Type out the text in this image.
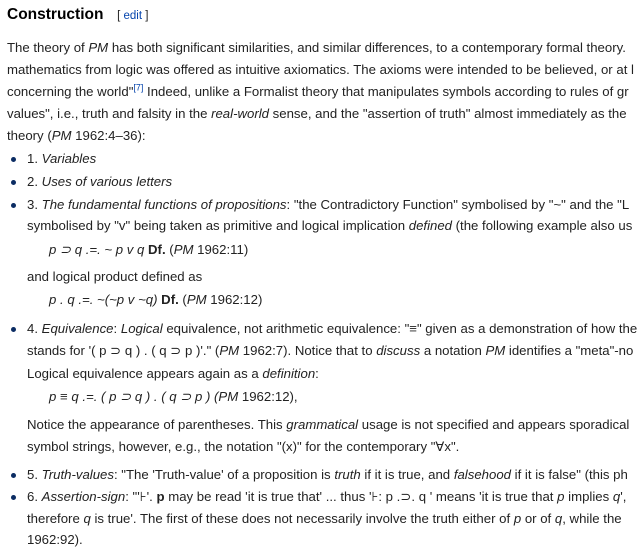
Construction [ edit ]
The theory of PM has both significant similarities, and similar differences, to a contemporary formal theory.
mathematics from logic was offered as intuitive axiomatics. The axioms were intended to be believed, or at l
concerning the world"[7] Indeed, unlike a Formalist theory that manipulates symbols according to rules of gr
values", i.e., truth and falsity in the real-world sense, and the "assertion of truth" almost immediately as the
theory (PM 1962:4–36):
1. Variables
2. Uses of various letters
3. The fundamental functions of propositions: "the Contradictory Function" symbolised by "~" and the "L
symbolised by "v" being taken as primitive and logical implication defined (the following example also us
p ⊃ q .=. ~ p v q Df. (PM 1962:11)
and logical product defined as
p . q .=. ~(~p v ~q) Df. (PM 1962:12)
4. Equivalence: Logical equivalence, not arithmetic equivalence: "≡" given as a demonstration of how the
stands for '( p ⊃ q ) . ( q ⊃ p )'." (PM 1962:7). Notice that to discuss a notation PM identifies a "meta"-no
Logical equivalence appears again as a definition:
p ≡ q .=. ( p ⊃ q ) . ( q ⊃ p ) (PM 1962:12),
Notice the appearance of parentheses. This grammatical usage is not specified and appears sporadical
symbol strings, however, e.g., the notation "(x)" for the contemporary "∀x".
5. Truth-values: "The 'Truth-value' of a proposition is truth if it is true, and falsehood if it is false" (this ph
6. Assertion-sign: "'⊦'. p may be read 'it is true that' ... thus '⊦: p .⊃. q ' means 'it is true that p implies q',
therefore q is true'. The first of these does not necessarily involve the truth either of p or of q, while the
1962:92).
